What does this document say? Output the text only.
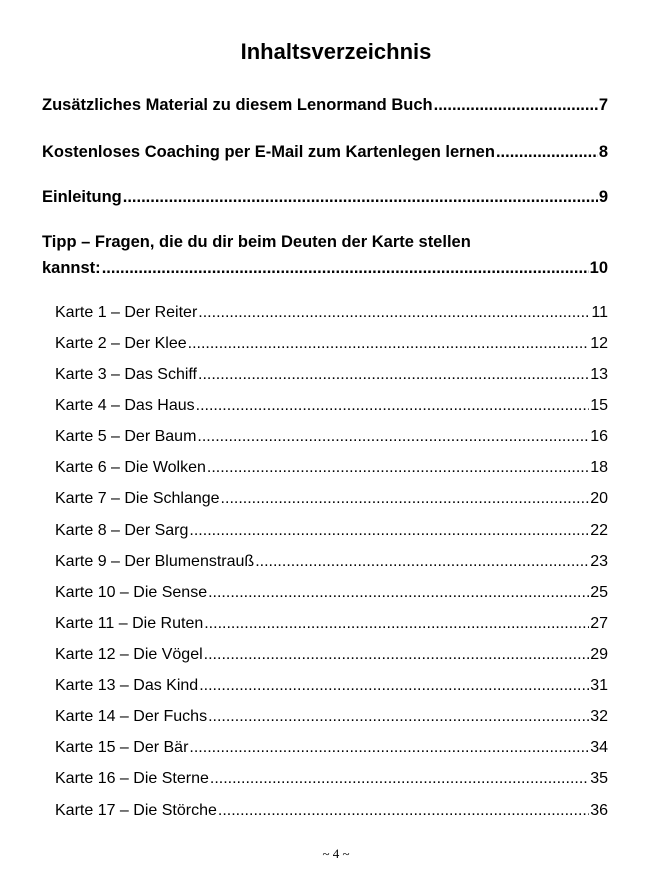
Inhaltsverzeichnis
Zusätzliches Material zu diesem Lenormand Buch .....	7
Kostenloses Coaching per E-Mail zum Kartenlegen lernen .....	8
Einleitung .....	9
Tipp – Fragen, die du dir beim Deuten der Karte stellen
kannst: .....	10
Karte 1 – Der Reiter .....	11
Karte 2 – Der Klee .....	12
Karte 3 – Das Schiff .....	13
Karte 4 – Das Haus .....	15
Karte 5 – Der Baum .....	16
Karte 6 – Die Wolken .....	18
Karte 7 – Die Schlange .....	20
Karte 8 – Der Sarg .....	22
Karte 9 – Der Blumenstrauß .....	23
Karte 10 – Die Sense .....	25
Karte 11 – Die Ruten .....	27
Karte 12 – Die Vögel .....	29
Karte 13 – Das Kind .....	31
Karte 14 – Der Fuchs .....	32
Karte 15 – Der Bär .....	34
Karte 16 – Die Sterne .....	35
Karte 17 – Die Störche .....	36
~ 4 ~
